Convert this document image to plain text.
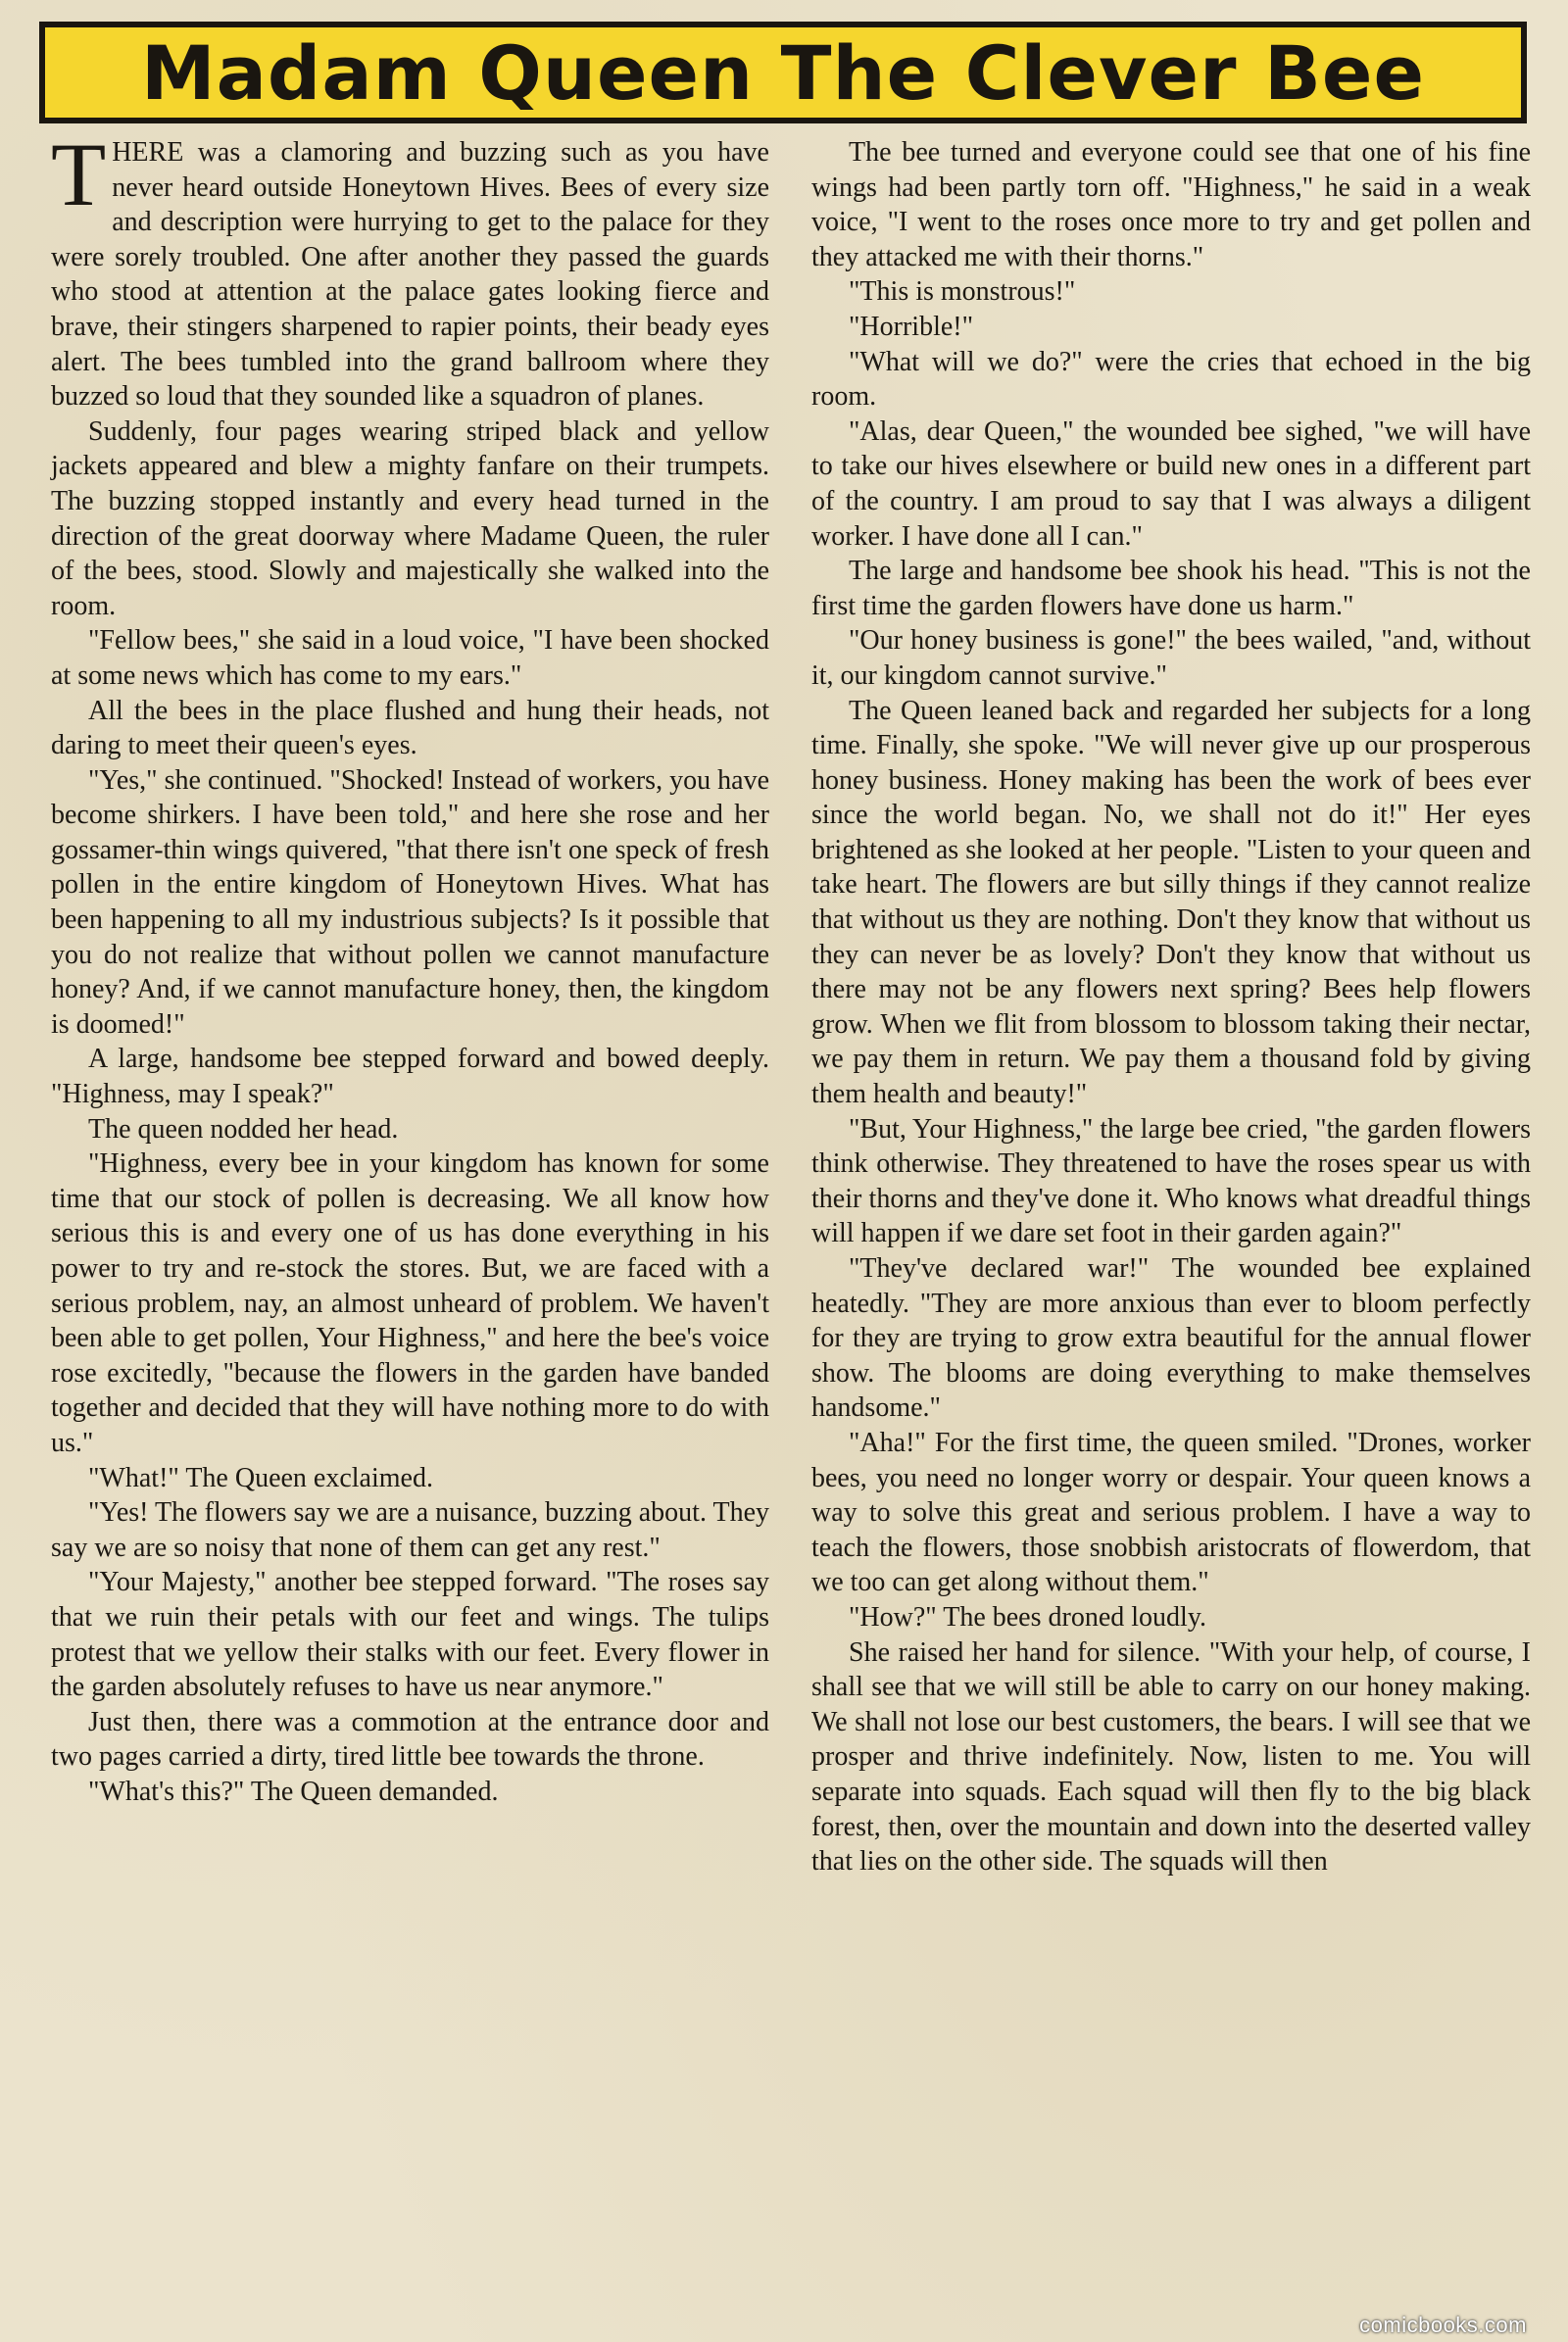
Madam Queen The Clever Bee

THERE was a clamoring and buzzing such as you have never heard outside Honeytown Hives. Bees of every size and description were hurrying to get to the palace for they were sorely troubled. One after another they passed the guards who stood at attention at the palace gates looking fierce and brave, their stingers sharpened to rapier points, their beady eyes alert. The bees tumbled into the grand ballroom where they buzzed so loud that they sounded like a squadron of planes.

Suddenly, four pages wearing striped black and yellow jackets appeared and blew a mighty fanfare on their trumpets. The buzzing stopped instantly and every head turned in the direction of the great doorway where Madame Queen, the ruler of the bees, stood. Slowly and majestically she walked into the room.

"Fellow bees," she said in a loud voice, "I have been shocked at some news which has come to my ears."

All the bees in the place flushed and hung their heads, not daring to meet their queen's eyes.

"Yes," she continued. "Shocked! Instead of workers, you have become shirkers. I have been told," and here she rose and her gossamer-thin wings quivered, "that there isn't one speck of fresh pollen in the entire kingdom of Honeytown Hives. What has been happening to all my industrious subjects? Is it possible that you do not realize that without pollen we cannot manufacture honey? And, if we cannot manufacture honey, then, the kingdom is doomed!"

A large, handsome bee stepped forward and bowed deeply. "Highness, may I speak?"

The queen nodded her head.

"Highness, every bee in your kingdom has known for some time that our stock of pollen is decreasing. We all know how serious this is and every one of us has done everything in his power to try and re-stock the stores. But, we are faced with a serious problem, nay, an almost unheard of problem. We haven't been able to get pollen, Your Highness," and here the bee's voice rose excitedly, "because the flowers in the garden have banded together and decided that they will have nothing more to do with us."

"What!" The Queen exclaimed.

"Yes! The flowers say we are a nuisance, buzzing about. They say we are so noisy that none of them can get any rest."

"Your Majesty," another bee stepped forward. "The roses say that we ruin their petals with our feet and wings. The tulips protest that we yellow their stalks with our feet. Every flower in the garden absolutely refuses to have us near anymore."

Just then, there was a commotion at the entrance door and two pages carried a dirty, tired little bee towards the throne.

"What's this?" The Queen demanded.

The bee turned and everyone could see that one of his fine wings had been partly torn off. "Highness," he said in a weak voice, "I went to the roses once more to try and get pollen and they attacked me with their thorns."

"This is monstrous!"

"Horrible!"

"What will we do?" were the cries that echoed in the big room.

"Alas, dear Queen," the wounded bee sighed, "we will have to take our hives elsewhere or build new ones in a different part of the country. I am proud to say that I was always a diligent worker. I have done all I can."

The large and handsome bee shook his head. "This is not the first time the garden flowers have done us harm."

"Our honey business is gone!" the bees wailed, "and, without it, our kingdom cannot survive."

The Queen leaned back and regarded her subjects for a long time. Finally, she spoke. "We will never give up our prosperous honey business. Honey making has been the work of bees ever since the world began. No, we shall not do it!" Her eyes brightened as she looked at her people. "Listen to your queen and take heart. The flowers are but silly things if they cannot realize that without us they are nothing. Don't they know that without us they can never be as lovely? Don't they know that without us there may not be any flowers next spring? Bees help flowers grow. When we flit from blossom to blossom taking their nectar, we pay them in return. We pay them a thousand fold by giving them health and beauty!"

"But, Your Highness," the large bee cried, "the garden flowers think otherwise. They threatened to have the roses spear us with their thorns and they've done it. Who knows what dreadful things will happen if we dare set foot in their garden again?"

"They've declared war!" The wounded bee explained heatedly. "They are more anxious than ever to bloom perfectly for they are trying to grow extra beautiful for the annual flower show. The blooms are doing everything to make themselves handsome."

"Aha!" For the first time, the queen smiled. "Drones, worker bees, you need no longer worry or despair. Your queen knows a way to solve this great and serious problem. I have a way to teach the flowers, those snobbish aristocrats of flowerdom, that we too can get along without them."

"How?" The bees droned loudly.

She raised her hand for silence. "With your help, of course, I shall see that we will still be able to carry on our honey making. We shall not lose our best customers, the bears. I will see that we prosper and thrive indefinitely. Now, listen to me. You will separate into squads. Each squad will then fly to the big black forest, then, over the mountain and down into the deserted valley that lies on the other side. The squads will then

comicbooks.com
